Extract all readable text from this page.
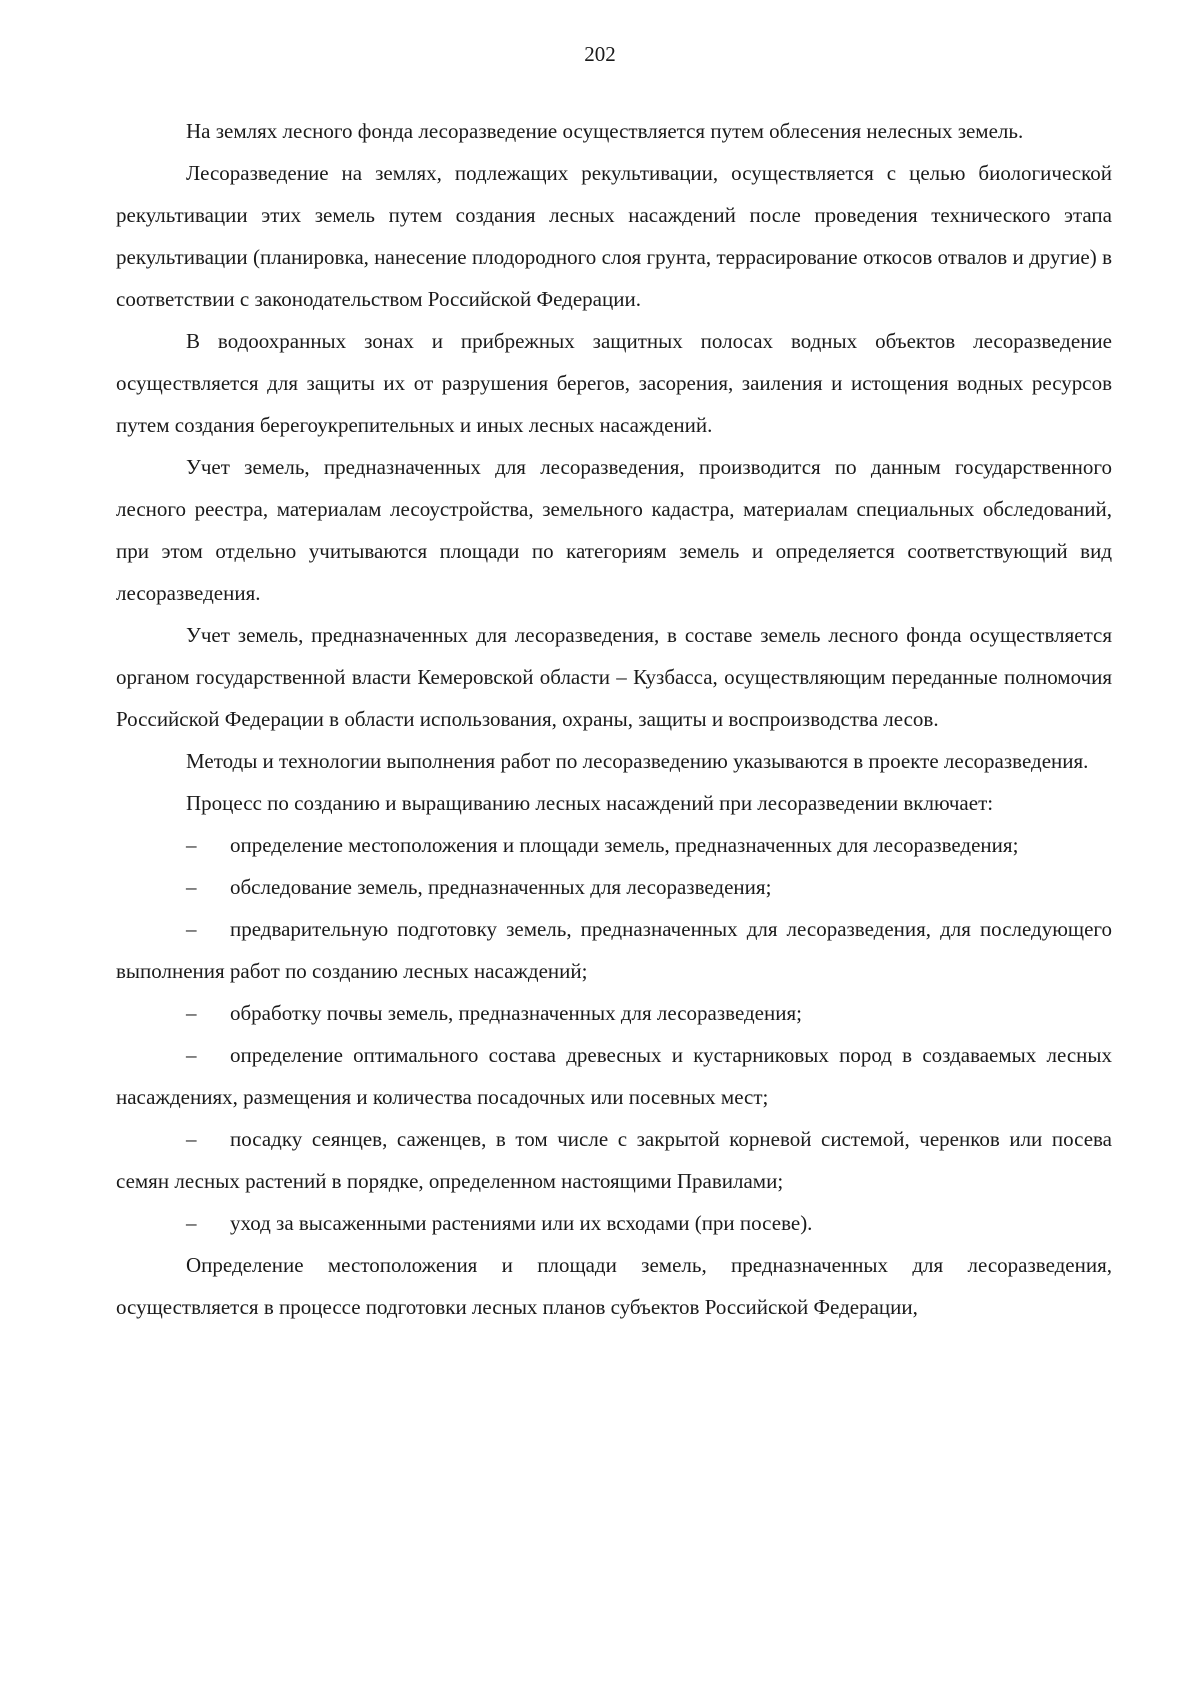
202

На землях лесного фонда лесоразведение осуществляется путем облесения нелесных земель.

Лесоразведение на землях, подлежащих рекультивации, осуществляется с целью биологической рекультивации этих земель путем создания лесных насаждений после проведения технического этапа рекультивации (планировка, нанесение плодородного слоя грунта, террасирование откосов отвалов и другие) в соответствии с законодательством Российской Федерации.

В водоохранных зонах и прибрежных защитных полосах водных объектов лесоразведение осуществляется для защиты их от разрушения берегов, засорения, заиления и истощения водных ресурсов путем создания берегоукрепительных и иных лесных насаждений.

Учет земель, предназначенных для лесоразведения, производится по данным государственного лесного реестра, материалам лесоустройства, земельного кадастра, материалам специальных обследований, при этом отдельно учитываются площади по категориям земель и определяется соответствующий вид лесоразведения.

Учет земель, предназначенных для лесоразведения, в составе земель лесного фонда осуществляется органом государственной власти Кемеровской области – Кузбасса, осуществляющим переданные полномочия Российской Федерации в области использования, охраны, защиты и воспроизводства лесов.

Методы и технологии выполнения работ по лесоразведению указываются в проекте лесоразведения.

Процесс по созданию и выращиванию лесных насаждений при лесоразведении включает:

– определение местоположения и площади земель, предназначенных для лесоразведения;

– обследование земель, предназначенных для лесоразведения;

– предварительную подготовку земель, предназначенных для лесоразведения, для последующего выполнения работ по созданию лесных насаждений;

– обработку почвы земель, предназначенных для лесоразведения;

– определение оптимального состава древесных и кустарниковых пород в создаваемых лесных насаждениях, размещения и количества посадочных или посевных мест;

– посадку сеянцев, саженцев, в том числе с закрытой корневой системой, черенков или посева семян лесных растений в порядке, определенном настоящими Правилами;

– уход за высаженными растениями или их всходами (при посеве).

Определение местоположения и площади земель, предназначенных для лесоразведения, осуществляется в процессе подготовки лесных планов субъектов Российской Федерации,
